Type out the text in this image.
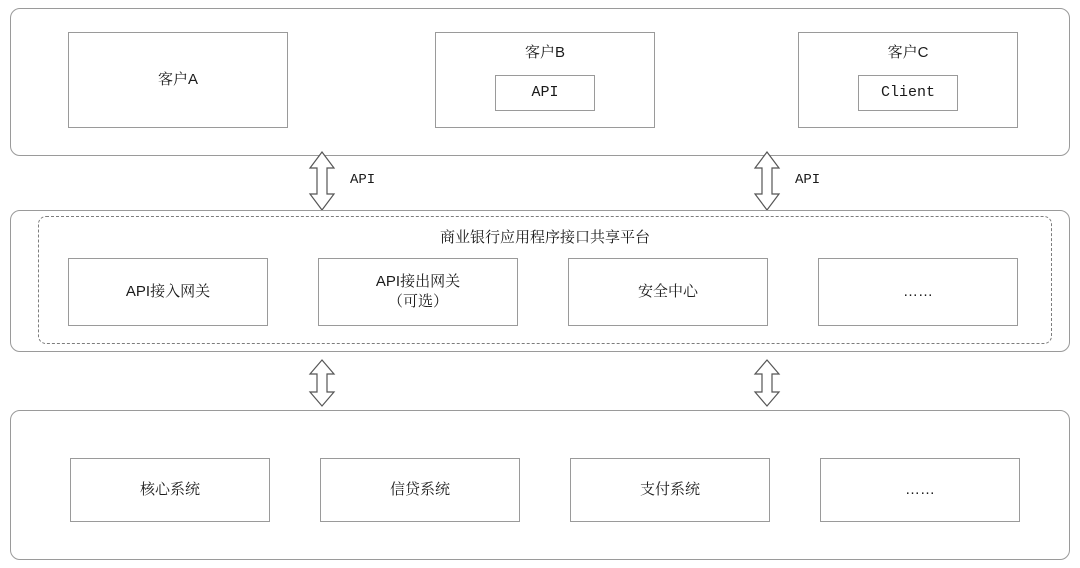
客户A
客户B
API
客户C
Client
API	API
商业银行应用程序接口共享平台
API接入网关
API接出网关
（可选）
安全中心	……
核心系统	信贷系统	支付系统	……
